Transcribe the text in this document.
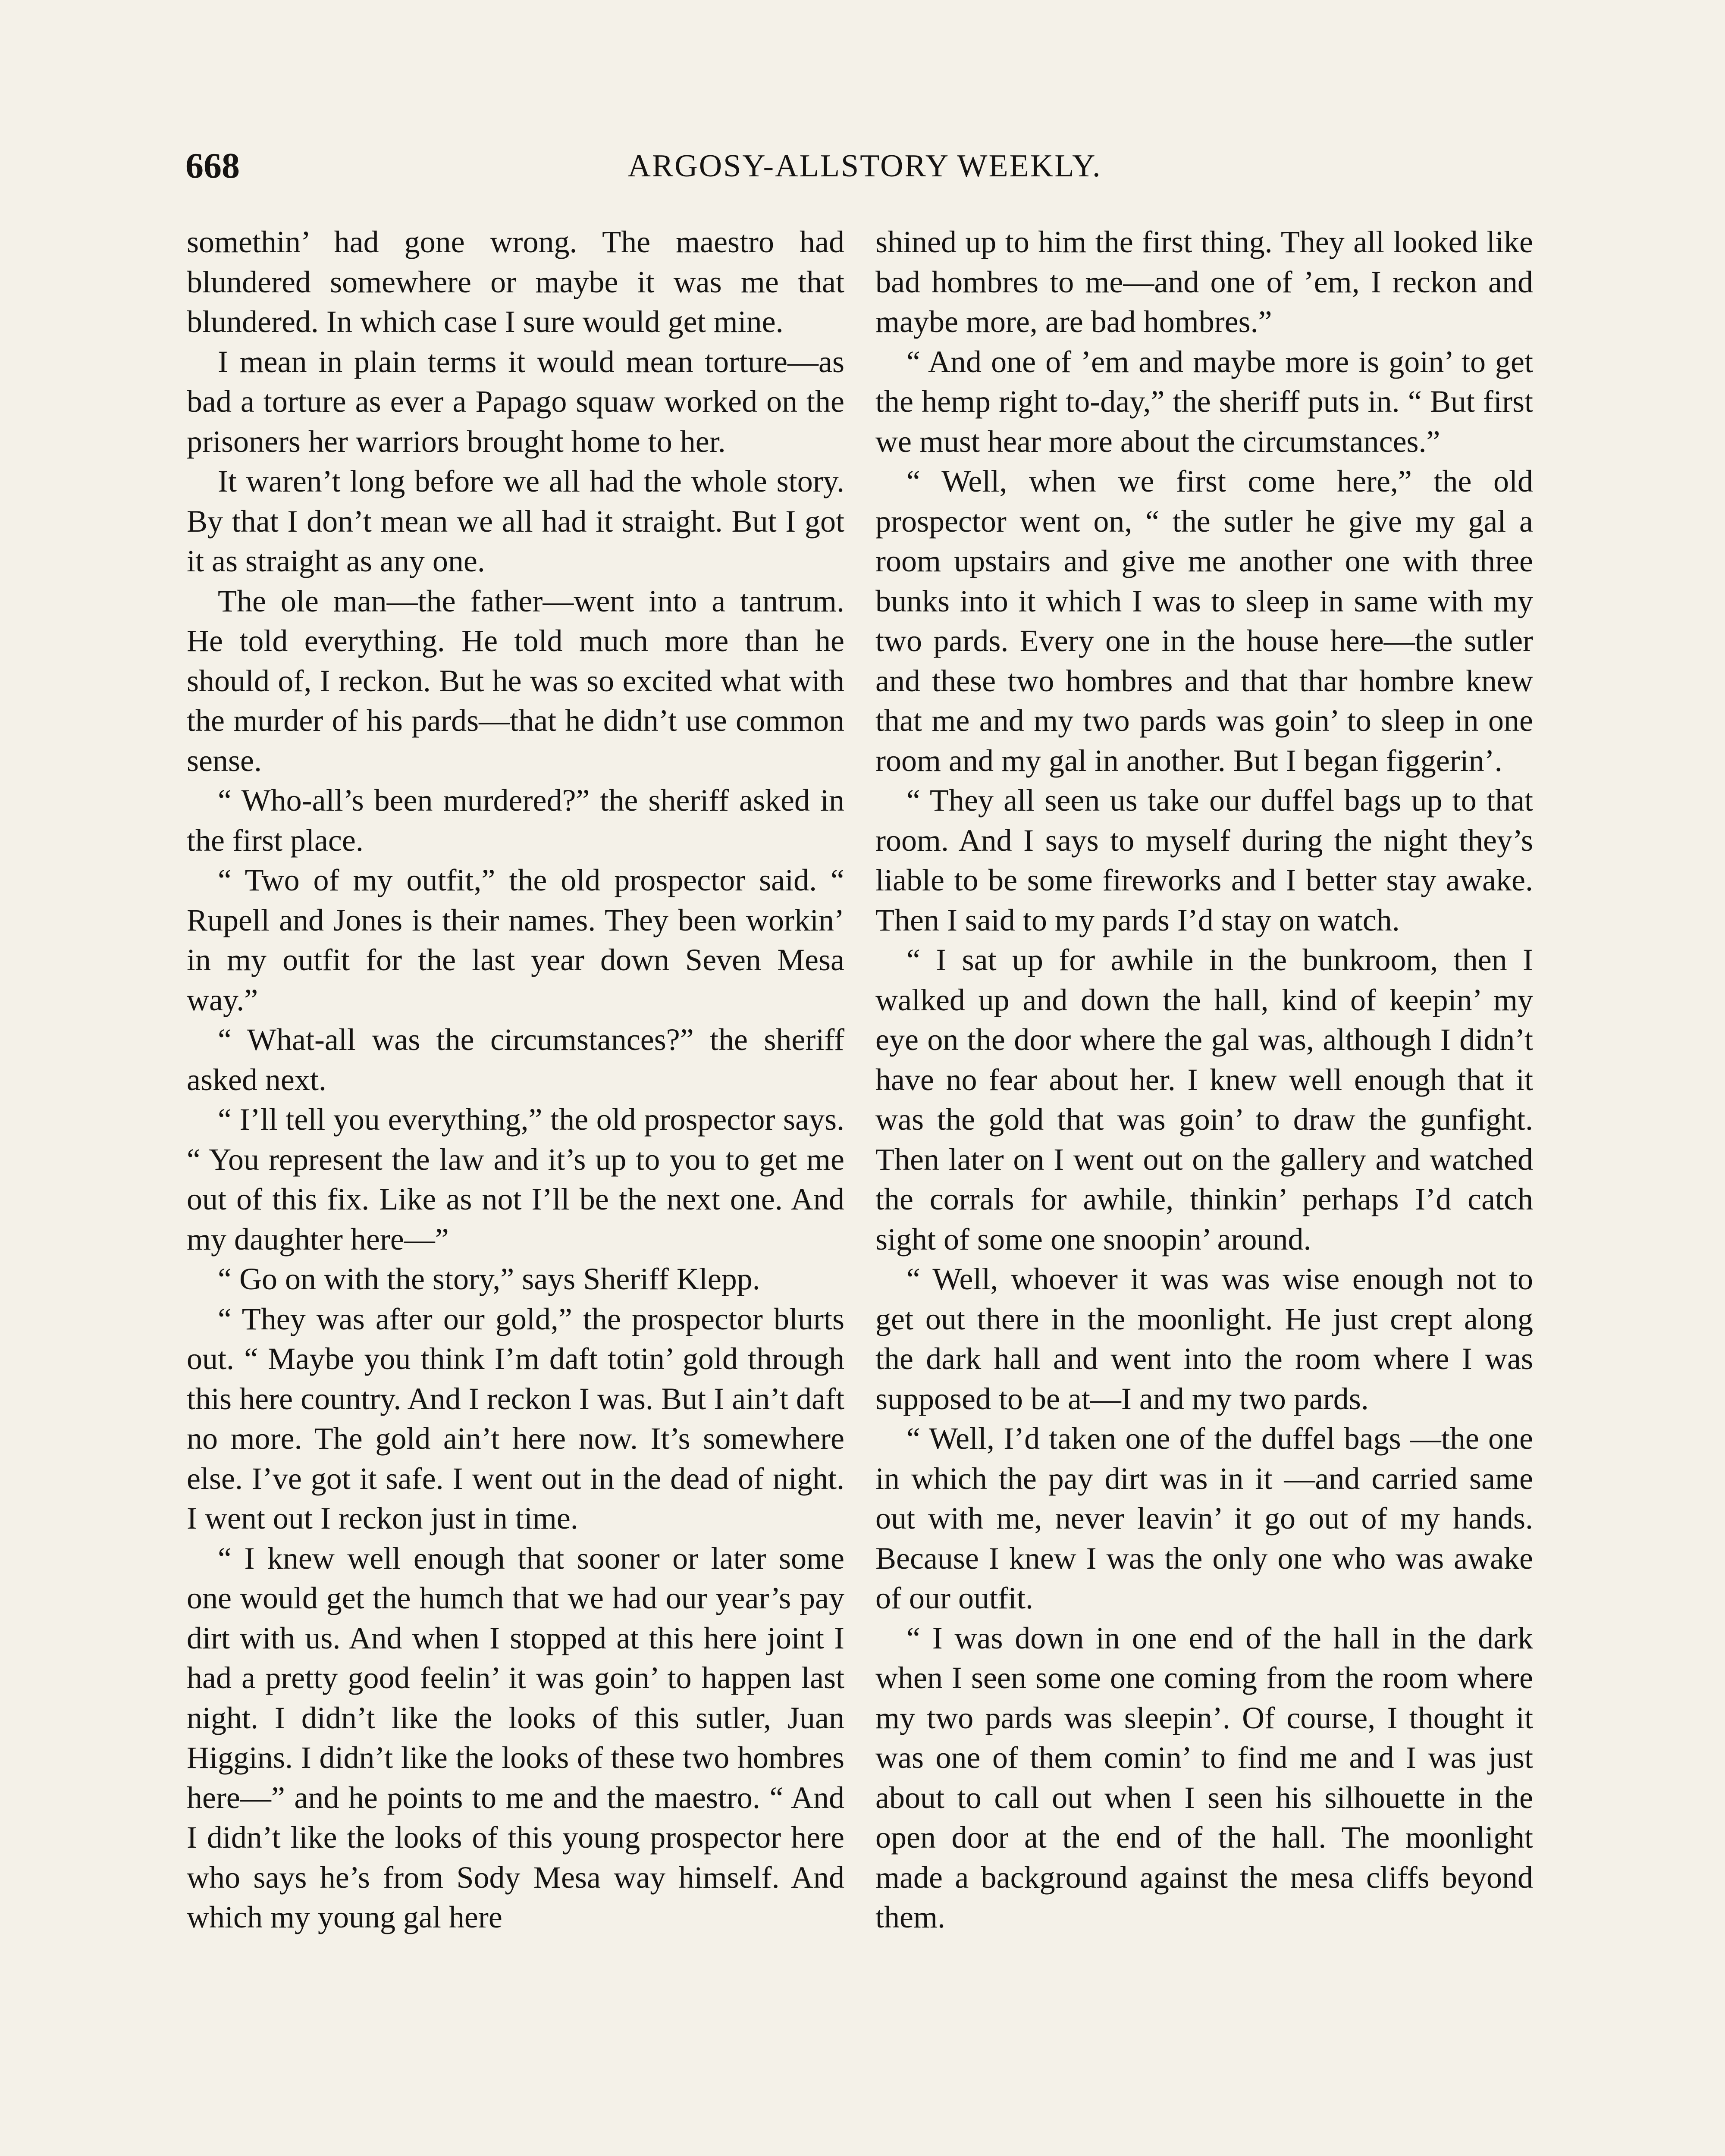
668	ARGOSY-ALLSTORY WEEKLY.

somethin’ had gone wrong. The maestro had blundered somewhere or maybe it was me that blundered. In which case I sure would get mine.

I mean in plain terms it would mean torture—as bad a torture as ever a Papago squaw worked on the prisoners her warriors brought home to her.

It waren’t long before we all had the whole story. By that I don’t mean we all had it straight. But I got it as straight as any one.

The ole man—the father—went into a tantrum. He told everything. He told much more than he should of, I reckon. But he was so excited what with the murder of his pards—that he didn’t use common sense.

“ Who-all’s been murdered?” the sheriff asked in the first place.

“ Two of my outfit,” the old prospector said. “ Rupell and Jones is their names. They been workin’ in my outfit for the last year down Seven Mesa way.”

“ What-all was the circumstances?” the sheriff asked next.

“ I’ll tell you everything,” the old prospector says. “ You represent the law and it’s up to you to get me out of this fix. Like as not I’ll be the next one. And my daughter here—”

“ Go on with the story,” says Sheriff Klepp.

“ They was after our gold,” the prospector blurts out. “ Maybe you think I’m daft totin’ gold through this here country. And I reckon I was. But I ain’t daft no more. The gold ain’t here now. It’s somewhere else. I’ve got it safe. I went out in the dead of night. I went out I reckon just in time.

“ I knew well enough that sooner or later some one would get the humch that we had our year’s pay dirt with us. And when I stopped at this here joint I had a pretty good feelin’ it was goin’ to happen last night. I didn’t like the looks of this sutler, Juan Higgins. I didn’t like the looks of these two hombres here—” and he points to me and the maestro. “ And I didn’t like the looks of this young prospector here who says he’s from Sody Mesa way himself. And which my young gal here

shined up to him the first thing. They all looked like bad hombres to me—and one of ’em, I reckon and maybe more, are bad hombres.”

“ And one of ’em and maybe more is goin’ to get the hemp right to-day,” the sheriff puts in. “ But first we must hear more about the circumstances.”

“ Well, when we first come here,” the old prospector went on, “ the sutler he give my gal a room upstairs and give me another one with three bunks into it which I was to sleep in same with my two pards. Every one in the house here—the sutler and these two hombres and that thar hombre knew that me and my two pards was goin’ to sleep in one room and my gal in another. But I began figgerin’.

“ They all seen us take our duffel bags up to that room. And I says to myself during the night they’s liable to be some fireworks and I better stay awake. Then I said to my pards I’d stay on watch.

“ I sat up for awhile in the bunkroom, then I walked up and down the hall, kind of keepin’ my eye on the door where the gal was, although I didn’t have no fear about her. I knew well enough that it was the gold that was goin’ to draw the gunfight. Then later on I went out on the gallery and watched the corrals for awhile, thinkin’ perhaps I’d catch sight of some one snoopin’ around.

“ Well, whoever it was was wise enough not to get out there in the moonlight. He just crept along the dark hall and went into the room where I was supposed to be at—I and my two pards.

“ Well, I’d taken one of the duffel bags —the one in which the pay dirt was in it —and carried same out with me, never leavin’ it go out of my hands. Because I knew I was the only one who was awake of our outfit.

“ I was down in one end of the hall in the dark when I seen some one coming from the room where my two pards was sleepin’. Of course, I thought it was one of them comin’ to find me and I was just about to call out when I seen his silhouette in the open door at the end of the hall. The moonlight made a background against the mesa cliffs beyond them.
